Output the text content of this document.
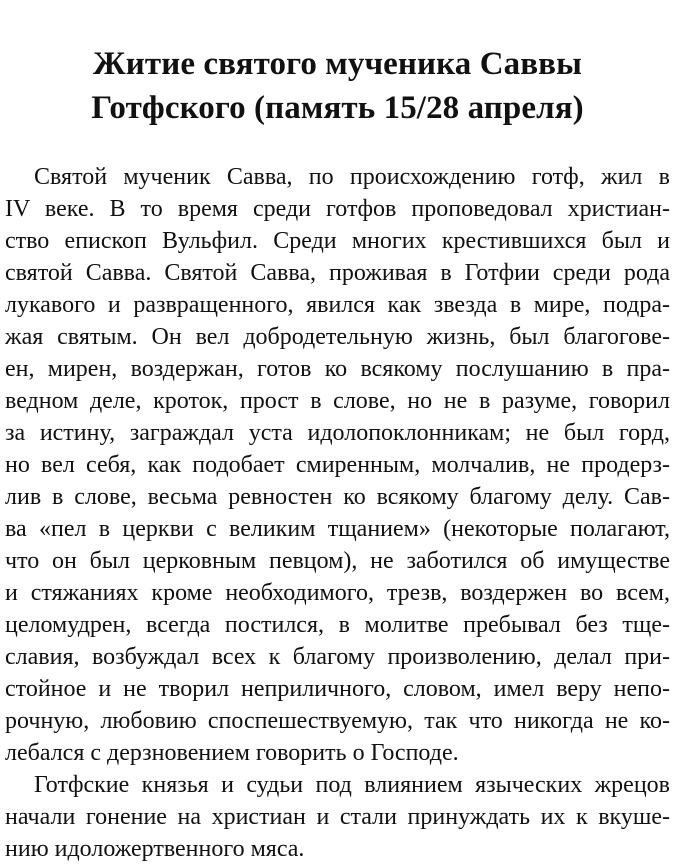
Житие святого мученика Саввы
Готфского (память 15/28 апреля)
Святой мученик Савва, по происхождению готф, жил в
IV веке. В то время среди готфов проповедовал христиан-
ство епископ Вульфил. Среди многих крестившихся был и
святой Савва. Святой Савва, проживая в Готфии среди рода
лукавого и развращенного, явился как звезда в мире, подра-
жая святым. Он вел добродетельную жизнь, был благогове-
ен, мирен, воздержан, готов ко всякому послушанию в пра-
ведном деле, кроток, прост в слове, но не в разуме, говорил
за истину, заграждал уста идолопоклонникам; не был горд,
но вел себя, как подобает смиренным, молчалив, не продерз-
лив в слове, весьма ревностен ко всякому благому делу. Сав-
ва «пел в церкви с великим тщанием» (некоторые полагают,
что он был церковным певцом), не заботился об имуществе
и стяжаниях кроме необходимого, трезв, воздержен во всем,
целомудрен, всегда постился, в молитве пребывал без тще-
славия, возбуждал всех к благому произволению, делал при-
стойное и не творил неприличного, словом, имел веру непо-
рочную, любовию споспешествуемую, так что никогда не ко-
лебался с дерзновением говорить о Господе.
Готфские князья и судьи под влиянием языческих жрецов
начали гонение на христиан и стали принуждать их к вкуше-
нию идоложертвенного мяса.
